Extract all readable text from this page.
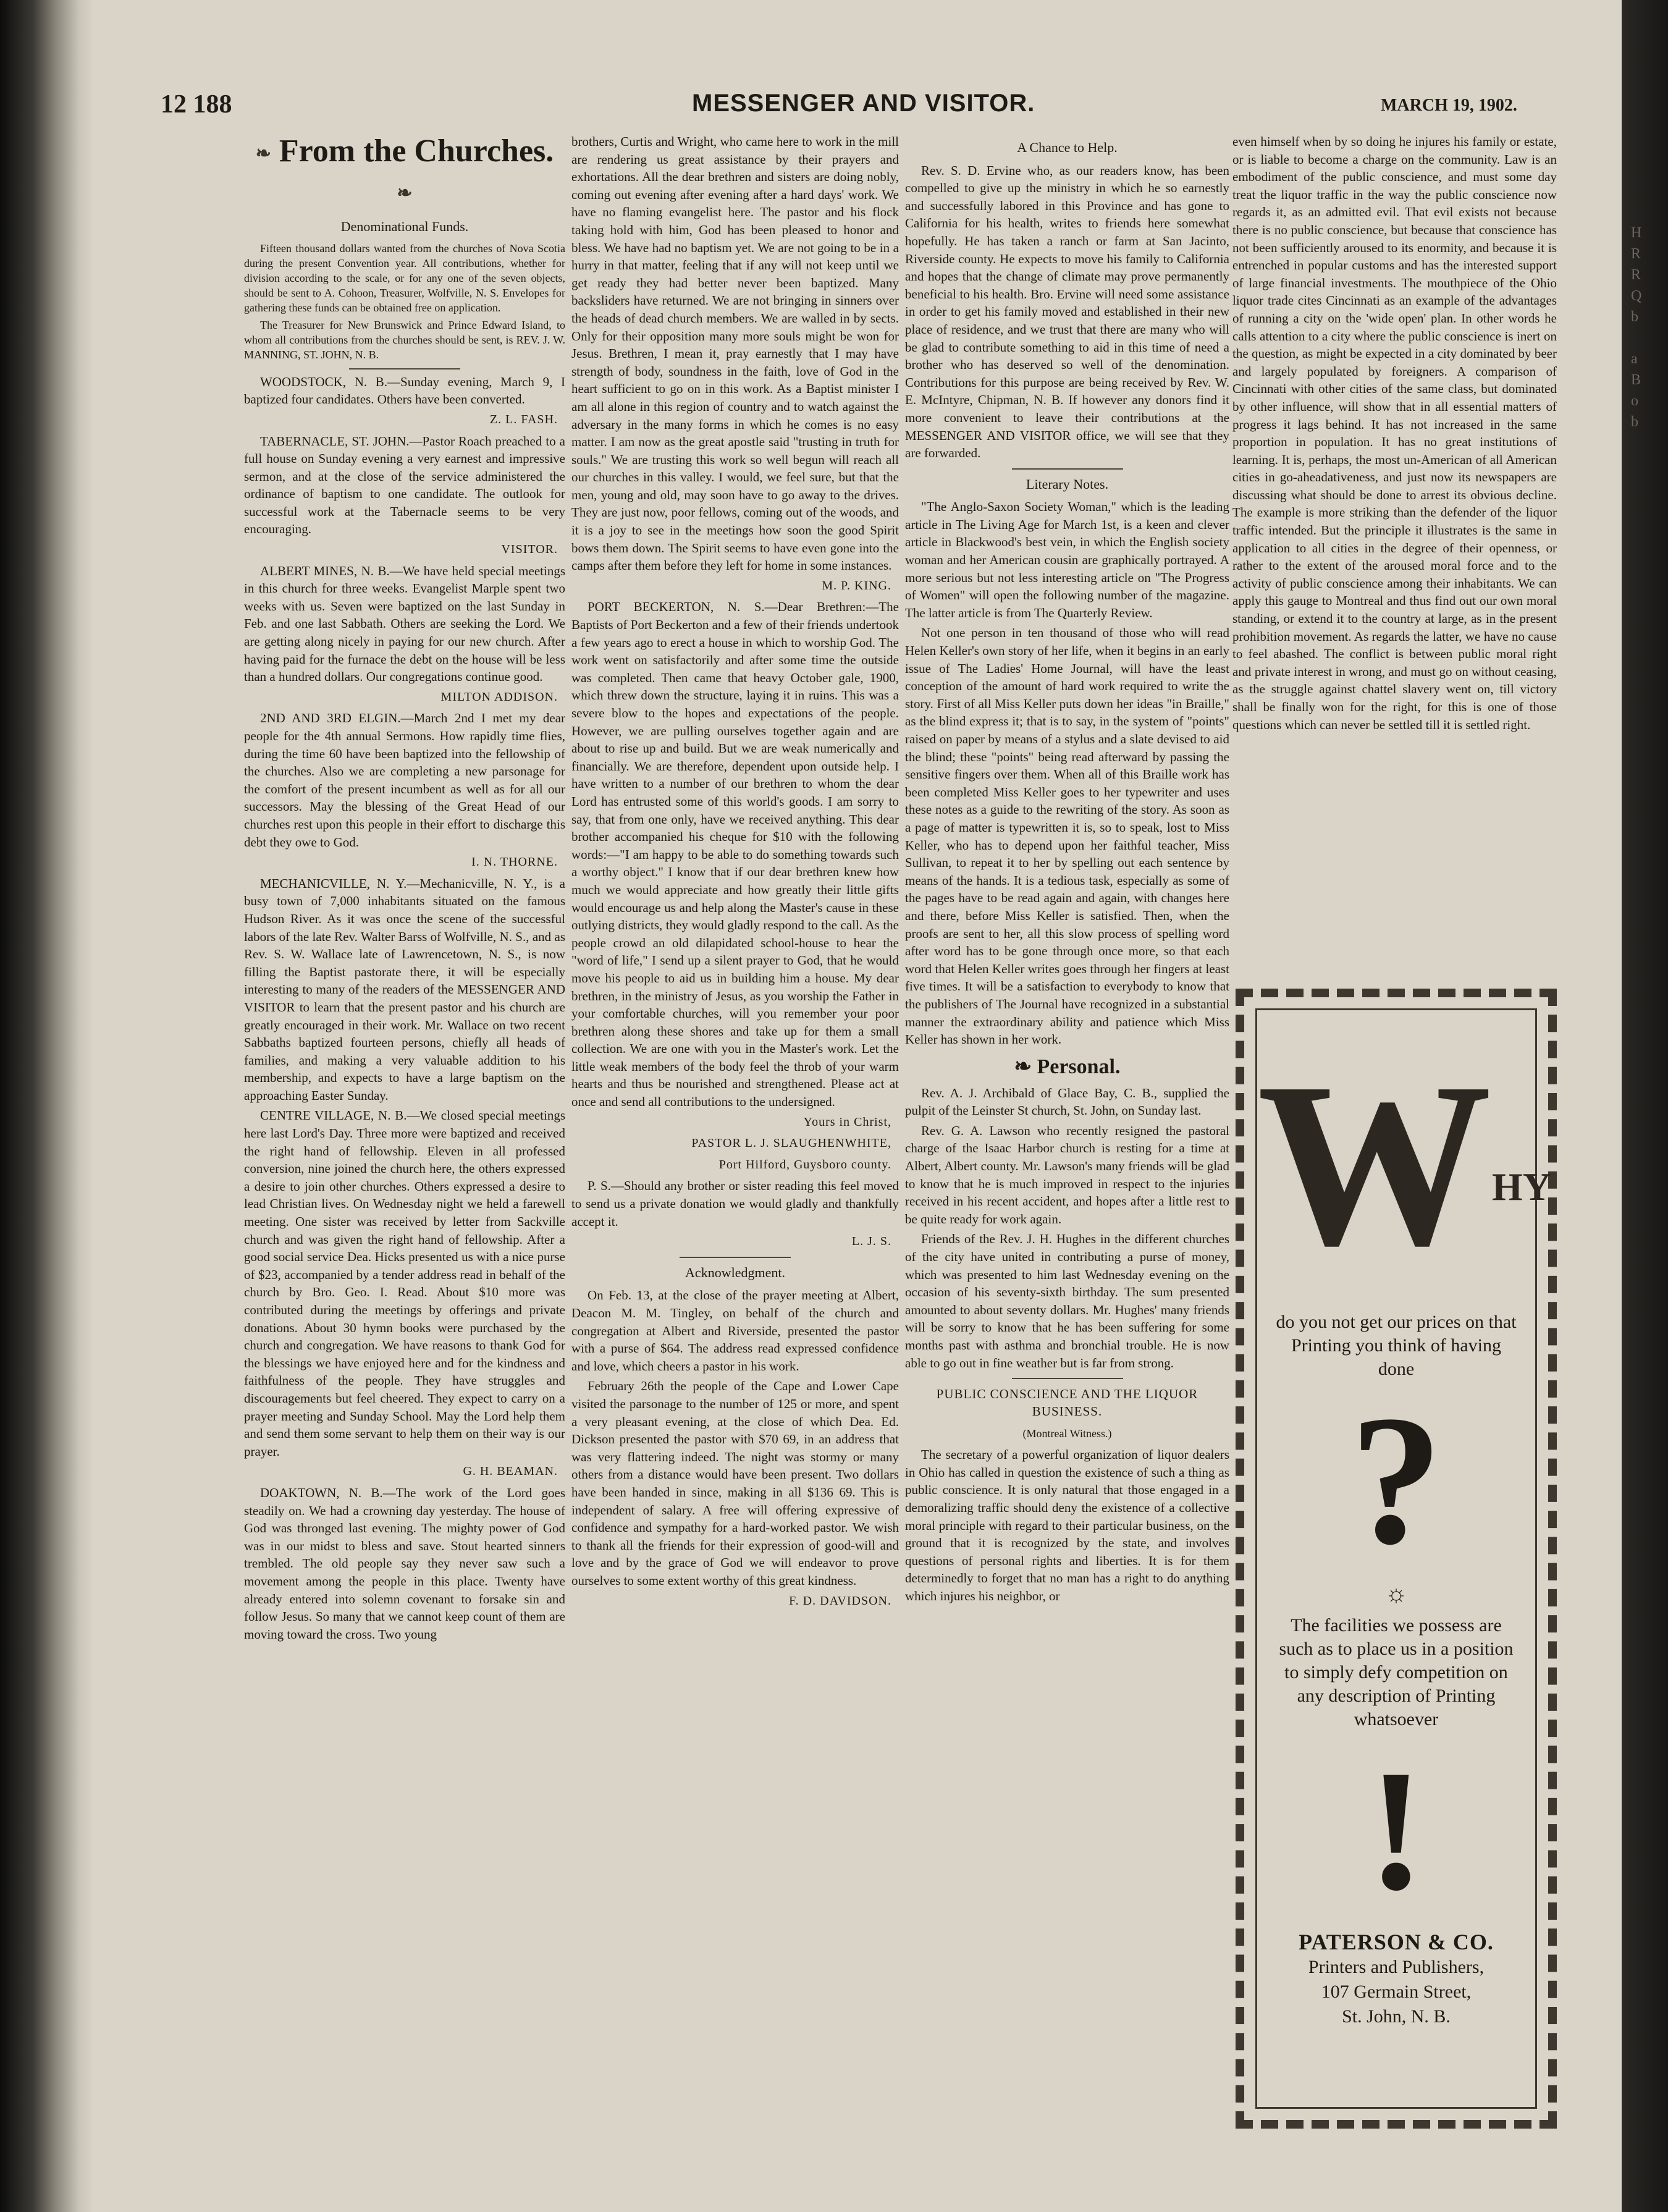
H
R
R
Q
b

a
B
o
b
12 188	MESSENGER AND VISITOR.	MARCH 19, 1902.
❧ From the Churches. ❧
Denominational Funds.

Fifteen thousand dollars wanted from the churches of Nova Scotia during the present Convention year. All contributions, whether for division according to the scale, or for any one of the seven objects, should be sent to A. Cohoon, Treasurer, Wolfville, N. S. Envelopes for gathering these funds can be obtained free on application.

The Treasurer for New Brunswick and Prince Edward Island, to whom all contributions from the churches should be sent, is REV. J. W. MANNING, ST. JOHN, N. B.

WOODSTOCK, N. B.—Sunday evening, March 9, I baptized four candidates. Others have been converted.

Z. L. FASH.

TABERNACLE, ST. JOHN.—Pastor Roach preached to a full house on Sunday evening a very earnest and impressive sermon, and at the close of the service administered the ordinance of baptism to one candidate. The outlook for successful work at the Tabernacle seems to be very encouraging.

VISITOR.

ALBERT MINES, N. B.—We have held special meetings in this church for three weeks. Evangelist Marple spent two weeks with us. Seven were baptized on the last Sunday in Feb. and one last Sabbath. Others are seeking the Lord. We are getting along nicely in paying for our new church. After having paid for the furnace the debt on the house will be less than a hundred dollars. Our congregations continue good.

MILTON ADDISON.

2ND AND 3RD ELGIN.—March 2nd I met my dear people for the 4th annual Sermons. How rapidly time flies, during the time 60 have been baptized into the fellowship of the churches. Also we are completing a new parsonage for the comfort of the present incumbent as well as for all our successors. May the blessing of the Great Head of our churches rest upon this people in their effort to discharge this debt they owe to God.

I. N. THORNE.

MECHANICVILLE, N. Y.—Mechanicville, N. Y., is a busy town of 7,000 inhabitants situated on the famous Hudson River. As it was once the scene of the successful labors of the late Rev. Walter Barss of Wolfville, N. S., and as Rev. S. W. Wallace late of Lawrencetown, N. S., is now filling the Baptist pastorate there, it will be especially interesting to many of the readers of the MESSENGER AND VISITOR to learn that the present pastor and his church are greatly encouraged in their work. Mr. Wallace on two recent Sabbaths baptized fourteen persons, chiefly all heads of families, and making a very valuable addition to his membership, and expects to have a large baptism on the approaching Easter Sunday.

CENTRE VILLAGE, N. B.—We closed special meetings here last Lord's Day. Three more were baptized and received the right hand of fellowship. Eleven in all professed conversion, nine joined the church here, the others expressed a desire to join other churches. Others expressed a desire to lead Christian lives. On Wednesday night we held a farewell meeting. One sister was received by letter from Sackville church and was given the right hand of fellowship. After a good social service Dea. Hicks presented us with a nice purse of $23, accompanied by a tender address read in behalf of the church by Bro. Geo. I. Read. About $10 more was contributed during the meetings by offerings and private donations. About 30 hymn books were purchased by the church and congregation. We have reasons to thank God for the blessings we have enjoyed here and for the kindness and faithfulness of the people. They have struggles and discouragements but feel cheered. They expect to carry on a prayer meeting and Sunday School. May the Lord help them and send them some servant to help them on their way is our prayer.

G. H. BEAMAN.

DOAKTOWN, N. B.—The work of the Lord goes steadily on. We had a crowning day yesterday. The house of God was thronged last evening. The mighty power of God was in our midst to bless and save. Stout hearted sinners trembled. The old people say they never saw such a movement among the people in this place. Twenty have already entered into solemn covenant to forsake sin and follow Jesus. So many that we cannot keep count of them are moving toward the cross. Two young

brothers, Curtis and Wright, who came here to work in the mill are rendering us great assistance by their prayers and exhortations. All the dear brethren and sisters are doing nobly, coming out evening after evening after a hard days' work. We have no flaming evangelist here. The pastor and his flock taking hold with him, God has been pleased to honor and bless. We have had no baptism yet. We are not going to be in a hurry in that matter, feeling that if any will not keep until we get ready they had better never been baptized. Many backsliders have returned. We are not bringing in sinners over the heads of dead church members. We are walled in by sects. Only for their opposition many more souls might be won for Jesus. Brethren, I mean it, pray earnestly that I may have strength of body, soundness in the faith, love of God in the heart sufficient to go on in this work. As a Baptist minister I am all alone in this region of country and to watch against the adversary in the many forms in which he comes is no easy matter. I am now as the great apostle said "trusting in truth for souls." We are trusting this work so well begun will reach all our churches in this valley. I would, we feel sure, but that the men, young and old, may soon have to go away to the drives. They are just now, poor fellows, coming out of the woods, and it is a joy to see in the meetings how soon the good Spirit bows them down. The Spirit seems to have even gone into the camps after them before they left for home in some instances.

M. P. KING.

PORT BECKERTON, N. S.—Dear Brethren:—The Baptists of Port Beckerton and a few of their friends undertook a few years ago to erect a house in which to worship God. The work went on satisfactorily and after some time the outside was completed. Then came that heavy October gale, 1900, which threw down the structure, laying it in ruins. This was a severe blow to the hopes and expectations of the people. However, we are pulling ourselves together again and are about to rise up and build. But we are weak numerically and financially. We are therefore, dependent upon outside help. I have written to a number of our brethren to whom the dear Lord has entrusted some of this world's goods. I am sorry to say, that from one only, have we received anything. This dear brother accompanied his cheque for $10 with the following words:—"I am happy to be able to do something towards such a worthy object." I know that if our dear brethren knew how much we would appreciate and how greatly their little gifts would encourage us and help along the Master's cause in these outlying districts, they would gladly respond to the call. As the people crowd an old dilapidated school-house to hear the "word of life," I send up a silent prayer to God, that he would move his people to aid us in building him a house. My dear brethren, in the ministry of Jesus, as you worship the Father in your comfortable churches, will you remember your poor brethren along these shores and take up for them a small collection. We are one with you in the Master's work. Let the little weak members of the body feel the throb of your warm hearts and thus be nourished and strengthened. Please act at once and send all contributions to the undersigned.

Yours in Christ,
PASTOR L. J. SLAUGHENWHITE,
Port Hilford, Guysboro county.

P. S.—Should any brother or sister reading this feel moved to send us a private donation we would gladly and thankfully accept it.

L. J. S.
Acknowledgment.

On Feb. 13, at the close of the prayer meeting at Albert, Deacon M. M. Tingley, on behalf of the church and congregation at Albert and Riverside, presented the pastor with a purse of $64. The address read expressed confidence and love, which cheers a pastor in his work.

February 26th the people of the Cape and Lower Cape visited the parsonage to the number of 125 or more, and spent a very pleasant evening, at the close of which Dea. Ed. Dickson presented the pastor with $70 69, in an address that was very flattering indeed. The night was stormy or many others from a distance would have been present. Two dollars have been handed in since, making in all $136 69. This is independent of salary. A free will offering expressive of confidence and sympathy for a hard-worked pastor. We wish to thank all the friends for their expression of good-will and love and by the grace of God we will endeavor to prove ourselves to some extent worthy of this great kindness.

F. D. DAVIDSON.
A Chance to Help.

Rev. S. D. Ervine who, as our readers know, has been compelled to give up the ministry in which he so earnestly and successfully labored in this Province and has gone to California for his health, writes to friends here somewhat hopefully. He has taken a ranch or farm at San Jacinto, Riverside county. He expects to move his family to California and hopes that the change of climate may prove permanently beneficial to his health. Bro. Ervine will need some assistance in order to get his family moved and established in their new place of residence, and we trust that there are many who will be glad to contribute something to aid in this time of need a brother who has deserved so well of the denomination. Contributions for this purpose are being received by Rev. W. E. McIntyre, Chipman, N. B. If however any donors find it more convenient to leave their contributions at the MESSENGER AND VISITOR office, we will see that they are forwarded.

Literary Notes.

"The Anglo-Saxon Society Woman," which is the leading article in The Living Age for March 1st, is a keen and clever article in Blackwood's best vein, in which the English society woman and her American cousin are graphically portrayed. A more serious but not less interesting article on "The Progress of Women" will open the following number of the magazine. The latter article is from The Quarterly Review.

Not one person in ten thousand of those who will read Helen Keller's own story of her life, when it begins in an early issue of The Ladies' Home Journal, will have the least conception of the amount of hard work required to write the story. First of all Miss Keller puts down her ideas "in Braille," as the blind express it; that is to say, in the system of "points" raised on paper by means of a stylus and a slate devised to aid the blind; these "points" being read afterward by passing the sensitive fingers over them. When all of this Braille work has been completed Miss Keller goes to her typewriter and uses these notes as a guide to the rewriting of the story. As soon as a page of matter is typewritten it is, so to speak, lost to Miss Keller, who has to depend upon her faithful teacher, Miss Sullivan, to repeat it to her by spelling out each sentence by means of the hands. It is a tedious task, especially as some of the pages have to be read again and again, with changes here and there, before Miss Keller is satisfied. Then, when the proofs are sent to her, all this slow process of spelling word after word has to be gone through once more, so that each word that Helen Keller writes goes through her fingers at least five times. It will be a satisfaction to everybody to know that the publishers of The Journal have recognized in a substantial manner the extraordinary ability and patience which Miss Keller has shown in her work.

❧ Personal.

Rev. A. J. Archibald of Glace Bay, C. B., supplied the pulpit of the Leinster St church, St. John, on Sunday last.

Rev. G. A. Lawson who recently resigned the pastoral charge of the Isaac Harbor church is resting for a time at Albert, Albert county. Mr. Lawson's many friends will be glad to know that he is much improved in respect to the injuries received in his recent accident, and hopes after a little rest to be quite ready for work again.

Friends of the Rev. J. H. Hughes in the different churches of the city have united in contributing a purse of money, which was presented to him last Wednesday evening on the occasion of his seventy-sixth birthday. The sum presented amounted to about seventy dollars. Mr. Hughes' many friends will be sorry to know that he has been suffering for some months past with asthma and bronchial trouble. He is now able to go out in fine weather but is far from strong.

PUBLIC CONSCIENCE AND THE LIQUOR BUSINESS.
(Montreal Witness.)

The secretary of a powerful organization of liquor dealers in Ohio has called in question the existence of such a thing as public conscience. It is only natural that those engaged in a demoralizing traffic should deny the existence of a collective moral principle with regard to their particular business, on the ground that it is recognized by the state, and involves questions of personal rights and liberties. It is for them determinedly to forget that no man has a right to do anything which injures his neighbor, or

even himself when by so doing he injures his family or estate, or is liable to become a charge on the community. Law is an embodiment of the public conscience, and must some day treat the liquor traffic in the way the public conscience now regards it, as an admitted evil. That evil exists not because there is no public conscience, but because that conscience has not been sufficiently aroused to its enormity, and because it is entrenched in popular customs and has the interested support of large financial investments. The mouthpiece of the Ohio liquor trade cites Cincinnati as an example of the advantages of running a city on the 'wide open' plan. In other words he calls attention to a city where the public conscience is inert on the question, as might be expected in a city dominated by beer and largely populated by foreigners. A comparison of Cincinnati with other cities of the same class, but dominated by other influence, will show that in all essential matters of progress it lags behind. It has not increased in the same proportion in population. It has no great institutions of learning. It is, perhaps, the most un-American of all American cities in go-aheadativeness, and just now its newspapers are discussing what should be done to arrest its obvious decline. The example is more striking than the defender of the liquor traffic intended. But the principle it illustrates is the same in application to all cities in the degree of their openness, or rather to the extent of the aroused moral force and to the activity of public conscience among their inhabitants. We can apply this gauge to Montreal and thus find out our own moral standing, or extend it to the country at large, as in the present prohibition movement. As regards the latter, we have no cause to feel abashed. The conflict is between public moral right and private interest in wrong, and must go on without ceasing, as the struggle against chattel slavery went on, till victory shall be finally won for the right, for this is one of those questions which can never be settled till it is settled right.

WHY
do you not get our prices on that Printing you think of having done
?
☼
The facilities we possess are such as to place us in a position to simply defy competition on any description of Printing whatsoever
!
PATERSON & CO.
Printers and Publishers,
107 Germain Street,
St. John, N. B.
